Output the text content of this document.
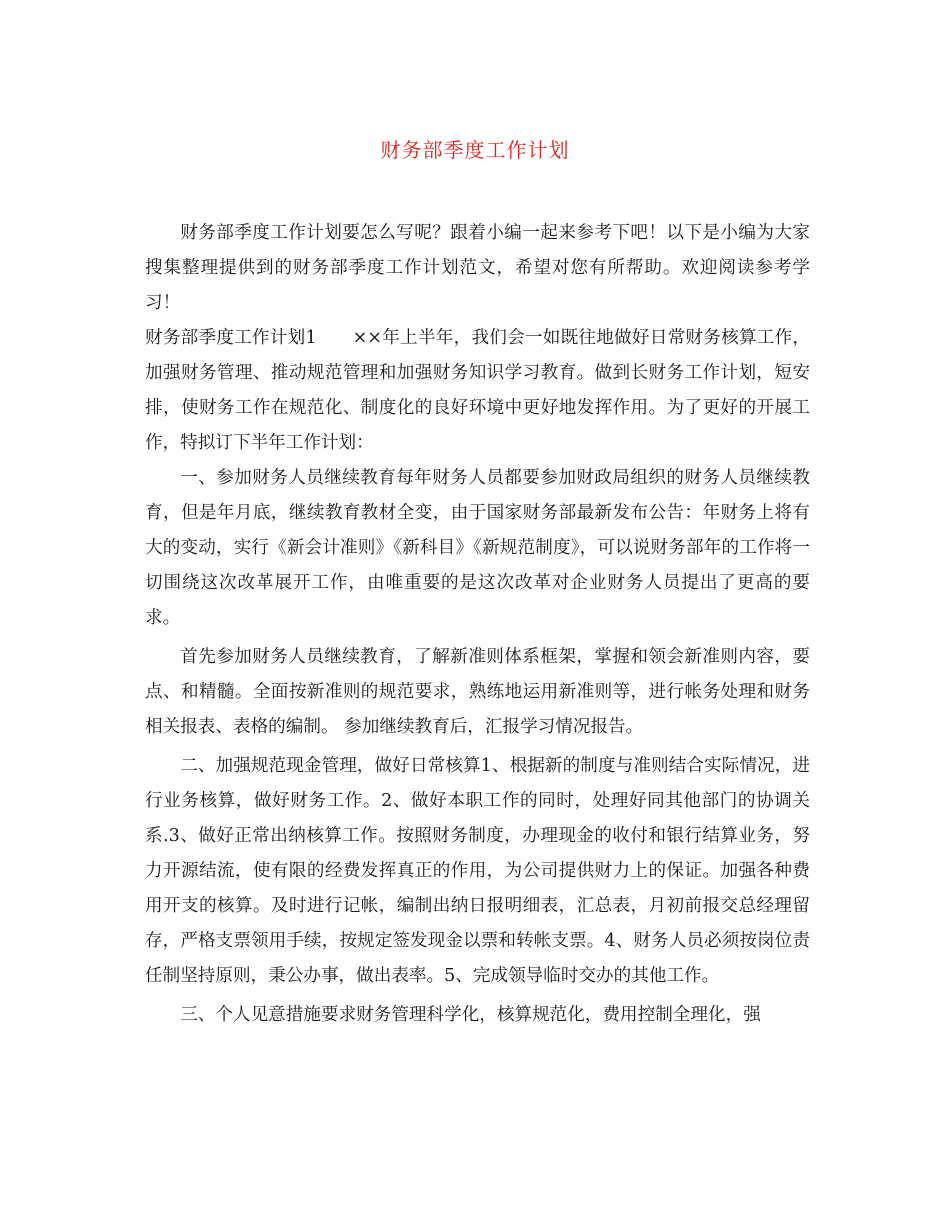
财务部季度工作计划

财务部季度工作计划要怎么写呢？跟着小编一起来参考下吧！以下是小编为大家搜集整理提供到的财务部季度工作计划范文，希望对您有所帮助。欢迎阅读参考学习！

财务部季度工作计划1　　××年上半年，我们会一如既往地做好日常财务核算工作，加强财务管理、推动规范管理和加强财务知识学习教育。做到长财务工作计划，短安排，使财务工作在规范化、制度化的良好环境中更好地发挥作用。为了更好的开展工作，特拟订下半年工作计划：

一、参加财务人员继续教育每年财务人员都要参加财政局组织的财务人员继续教育，但是年月底，继续教育教材全变，由于国家财务部最新发布公告：年财务上将有大的变动，实行《新会计准则》《新科目》《新规范制度》，可以说财务部年的工作将一切围绕这次改革展开工作，由唯重要的是这次改革对企业财务人员提出了更高的要求。

首先参加财务人员继续教育，了解新准则体系框架，掌握和领会新准则内容，要点、和精髓。全面按新准则的规范要求，熟练地运用新准则等，进行帐务处理和财务相关报表、表格的编制。 参加继续教育后，汇报学习情况报告。

二、加强规范现金管理，做好日常核算1、根据新的制度与准则结合实际情况，进行业务核算，做好财务工作。2、做好本职工作的同时，处理好同其他部门的协调关系.3、做好正常出纳核算工作。按照财务制度，办理现金的收付和银行结算业务，努力开源结流，使有限的经费发挥真正的作用，为公司提供财力上的保证。加强各种费用开支的核算。及时进行记帐，编制出纳日报明细表，汇总表，月初前报交总经理留存，严格支票领用手续，按规定签发现金以票和转帐支票。4、财务人员必须按岗位责任制坚持原则，秉公办事，做出表率。5、完成领导临时交办的其他工作。

三、个人见意措施要求财务管理科学化，核算规范化，费用控制全理化，强
